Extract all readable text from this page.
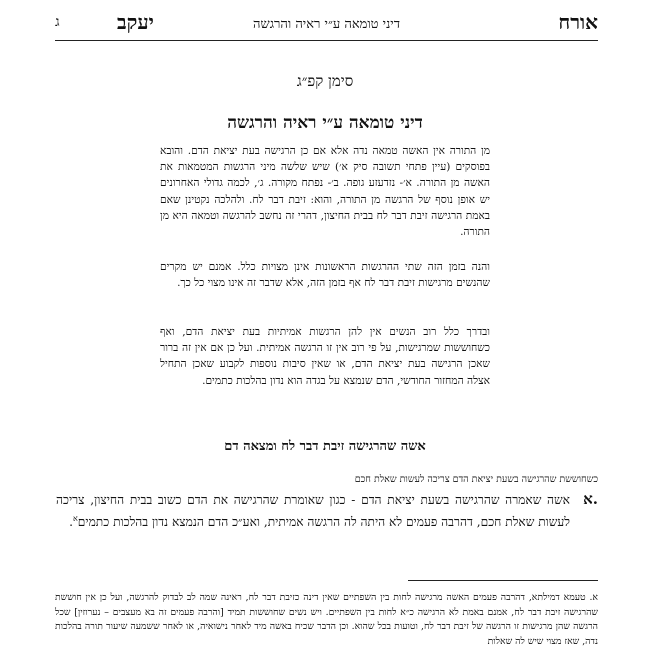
אורח
דיני טומאה ע״י ראיה והרגשה
יעקב
ג
סימן קפ״ג
דיני טומאה ע״י ראיה והרגשה
מן התורה אין האשה טמאה נדה אלא אם כן הרגישה בעת יציאת הדם. והובא בפוסקים (עיין פתחי תשובה סיק א׳) שיש שלשה מיני הרגשות המטמאות את האשה מן התורה. א׳- נזדעזע גופה. ב׳- נפתח מקורה. ג׳, לכמה גדולי האחרונים יש אופן נוסף של הרגשה מן התורה, והוא: זיבת דבר לח. ולהלכה נקטינן שאם באמת הרגישה זיבת דבר לח בבית החיצון, דהרי זה נחשב להרגשה וטמאה היא מן התורה.
והנה בזמן הזה שתי ההרגשות הראשונות אינן מצויות כלל. אמנם יש מקרים שהנשים מרגישות זיבת דבר לח אף בזמן הזה, אלא שדבר זה אינו מצוי כל כך.
ובדרך כלל רוב הנשים אין להן הרגשות אמיתיות בעת יציאת הדם, ואף כשחוששות שמרגישות, על פי רוב אין זו הרגשה אמיתית. ועל כן אם אין זה ברור שאכן הרגישה בעת יציאת הדם, או שאין סיבות נוספות לקבוע שאכן התחיל אצלה המחזור החודשי, הדם שנמצא על בגדה הוא נדון בהלכות כתמים.
אשה שהרגישה זיבת דבר לח ומצאה דם
כשחוששת שהרגישה בשעת יציאת הדם צריכה לעשות שאלת חכם
א.
אשה שאמרה שהרגישה בשעת יציאת הדם - כגון שאומרת שהרגישה את הדם כשוב בבית החיצון, צריכה לעשות שאלת חכם, דהרבה פעמים לא היתה לה הרגשה אמיתית, ואע״כ הדם הנמצא נדון בהלכות כתמים$^א$.
א. טעמא דמילתא, דהרבה פעמים האשה מרגישה לחות בין השפתיים שאין דינה כזיבת דבר לח, ראינה שמה לב לבדוק להרגשה, ועל כן אין חוששת שהרגישה זיבת דבר לח, אמנם באמת לא הרגישה כ״א לחות בין השפתיים. ויש נשים שחוששות תמיד [והרבה פעמים זה בא מעצבים – נערוזין] שכל הרגשה שהן מרגישות זו הרגשה של זיבת דבר לח, וטועות בכל שהוא. וכן הדבר שכיח באשה מיד לאחר נישואיה, או לאחר ששמעה שיעור תורה בהלכות נדה, שאז מצוי שיש לה שאלות
